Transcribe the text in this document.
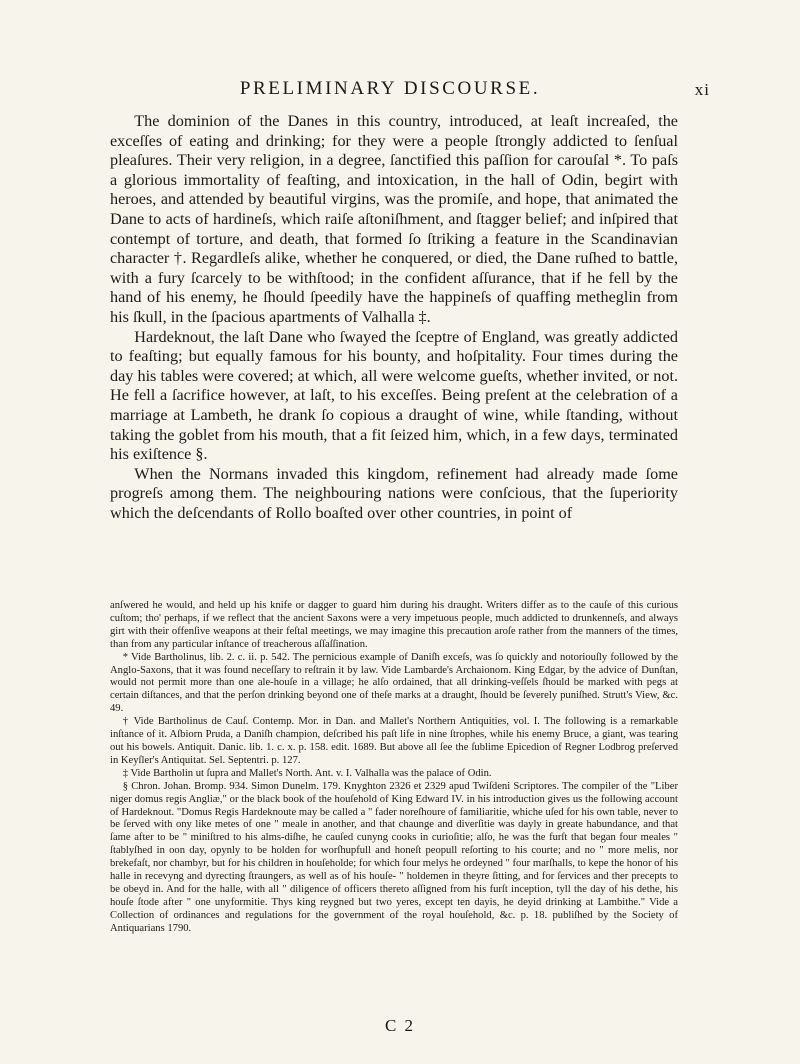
PRELIMINARY DISCOURSE.	xi

The dominion of the Danes in this country, introduced, at leaſt increaſed, the exceſſes of eating and drinking; for they were a people ſtrongly addicted to ſenſual pleaſures. Their very religion, in a degree, ſanctified this paſſion for carouſal *. To paſs a glorious immortality of feaſting, and intoxication, in the hall of Odin, begirt with heroes, and attended by beautiful virgins, was the promiſe, and hope, that animated the Dane to acts of hardineſs, which raiſe aſtoniſhment, and ſtagger belief; and inſpired that contempt of torture, and death, that formed ſo ſtriking a feature in the Scandinavian character †. Regardleſs alike, whether he conquered, or died, the Dane ruſhed to battle, with a fury ſcarcely to be withſtood; in the confident aſſurance, that if he fell by the hand of his enemy, he ſhould ſpeedily have the happineſs of quaffing metheglin from his ſkull, in the ſpacious apartments of Valhalla ‡.

Hardeknout, the laſt Dane who ſwayed the ſceptre of England, was greatly addicted to feaſting; but equally famous for his bounty, and hoſpitality. Four times during the day his tables were covered; at which, all were welcome gueſts, whether invited, or not. He fell a ſacrifice however, at laſt, to his exceſſes. Being preſent at the celebration of a marriage at Lambeth, he drank ſo copious a draught of wine, while ſtanding, without taking the goblet from his mouth, that a fit ſeized him, which, in a few days, terminated his exiſtence §.

When the Normans invaded this kingdom, refinement had already made ſome progreſs among them. The neighbouring nations were conſcious, that the ſuperiority which the deſcendants of Rollo boaſted over other countries, in point of

anſwered he would, and held up his knife or dagger to guard him during his draught. Writers differ as to the cauſe of this curious cuſtom; tho' perhaps, if we reflect that the ancient Saxons were a very impetuous people, much addicted to drunkenneſs, and always girt with their offenſive weapons at their feſtal meetings, we may imagine this precaution aroſe rather from the manners of the times, than from any particular inſtance of treacherous aſſaſſination.

* Vide Bartholinus, lib. 2. c. ii. p. 542. The pernicious example of Daniſh exceſs, was ſo quickly and notoriouſly followed by the Anglo-Saxons, that it was found neceſſary to reſtrain it by law. Vide Lambarde's Archaionom. King Edgar, by the advice of Dunſtan, would not permit more than one ale-houſe in a village; he alſo ordained, that all drinking-veſſels ſhould be marked with pegs at certain diſtances, and that the perſon drinking beyond one of theſe marks at a draught, ſhould be ſeverely puniſhed. Strutt's View, &c. 49.

† Vide Bartholinus de Cauſ. Contemp. Mor. in Dan. and Mallet's Northern Antiquities, vol. I. The following is a remarkable inſtance of it. Aſbiorn Pruda, a Daniſh champion, deſcribed his paſt life in nine ſtrophes, while his enemy Bruce, a giant, was tearing out his bowels. Antiquit. Danic. lib. 1. c. x. p. 158. edit. 1689. But above all ſee the ſublime Epicedion of Regner Lodbrog preſerved in Keyſler's Antiquitat. Sel. Septentri. p. 127.

‡ Vide Bartholin ut ſupra and Mallet's North. Ant. v. I. Valhalla was the palace of Odin.

§ Chron. Johan. Bromp. 934. Simon Dunelm. 179. Knyghton 2326 et 2329 apud Twiſdeni Scriptores. The compiler of the "Liber niger domus regis Angliæ," or the black book of the houſehold of King Edward IV. in his introduction gives us the following account of Hardeknout. "Domus Regis Hardeknoute may be called a " fader noreſhoure of familiaritie, whiche uſed for his own table, never to be ſerved with ony like metes of one " meale in another, and that chaunge and diverſitie was dayly in greate habundance, and that ſame after to be " miniſtred to his alms-diſhe, he cauſed cunyng cooks in curioſitie; alſo, he was the furſt that began four meales " ſtablyſhed in oon day, opynly to be holden for worſhupfull and honeſt peopull reſorting to his courte; and no " more melis, nor brekefaſt, nor chambyr, but for his children in houſeholde; for which four melys he ordeyned " four marſhalls, to kepe the honor of his halle in recevyng and dyrecting ſtraungers, as well as of his houſe- " holdemen in theyre ſitting, and for ſervices and ther precepts to be obeyd in. And for the halle, with all " diligence of officers thereto aſſigned from his furſt inception, tyll the day of his dethe, his houſe ſtode after " one unyformitie. Thys king reygned but two yeres, except ten dayis, he deyid drinking at Lambithe." Vide a Collection of ordinances and regulations for the government of the royal houſehold, &c. p. 18. publiſhed by the Society of Antiquarians 1790.

C 2
